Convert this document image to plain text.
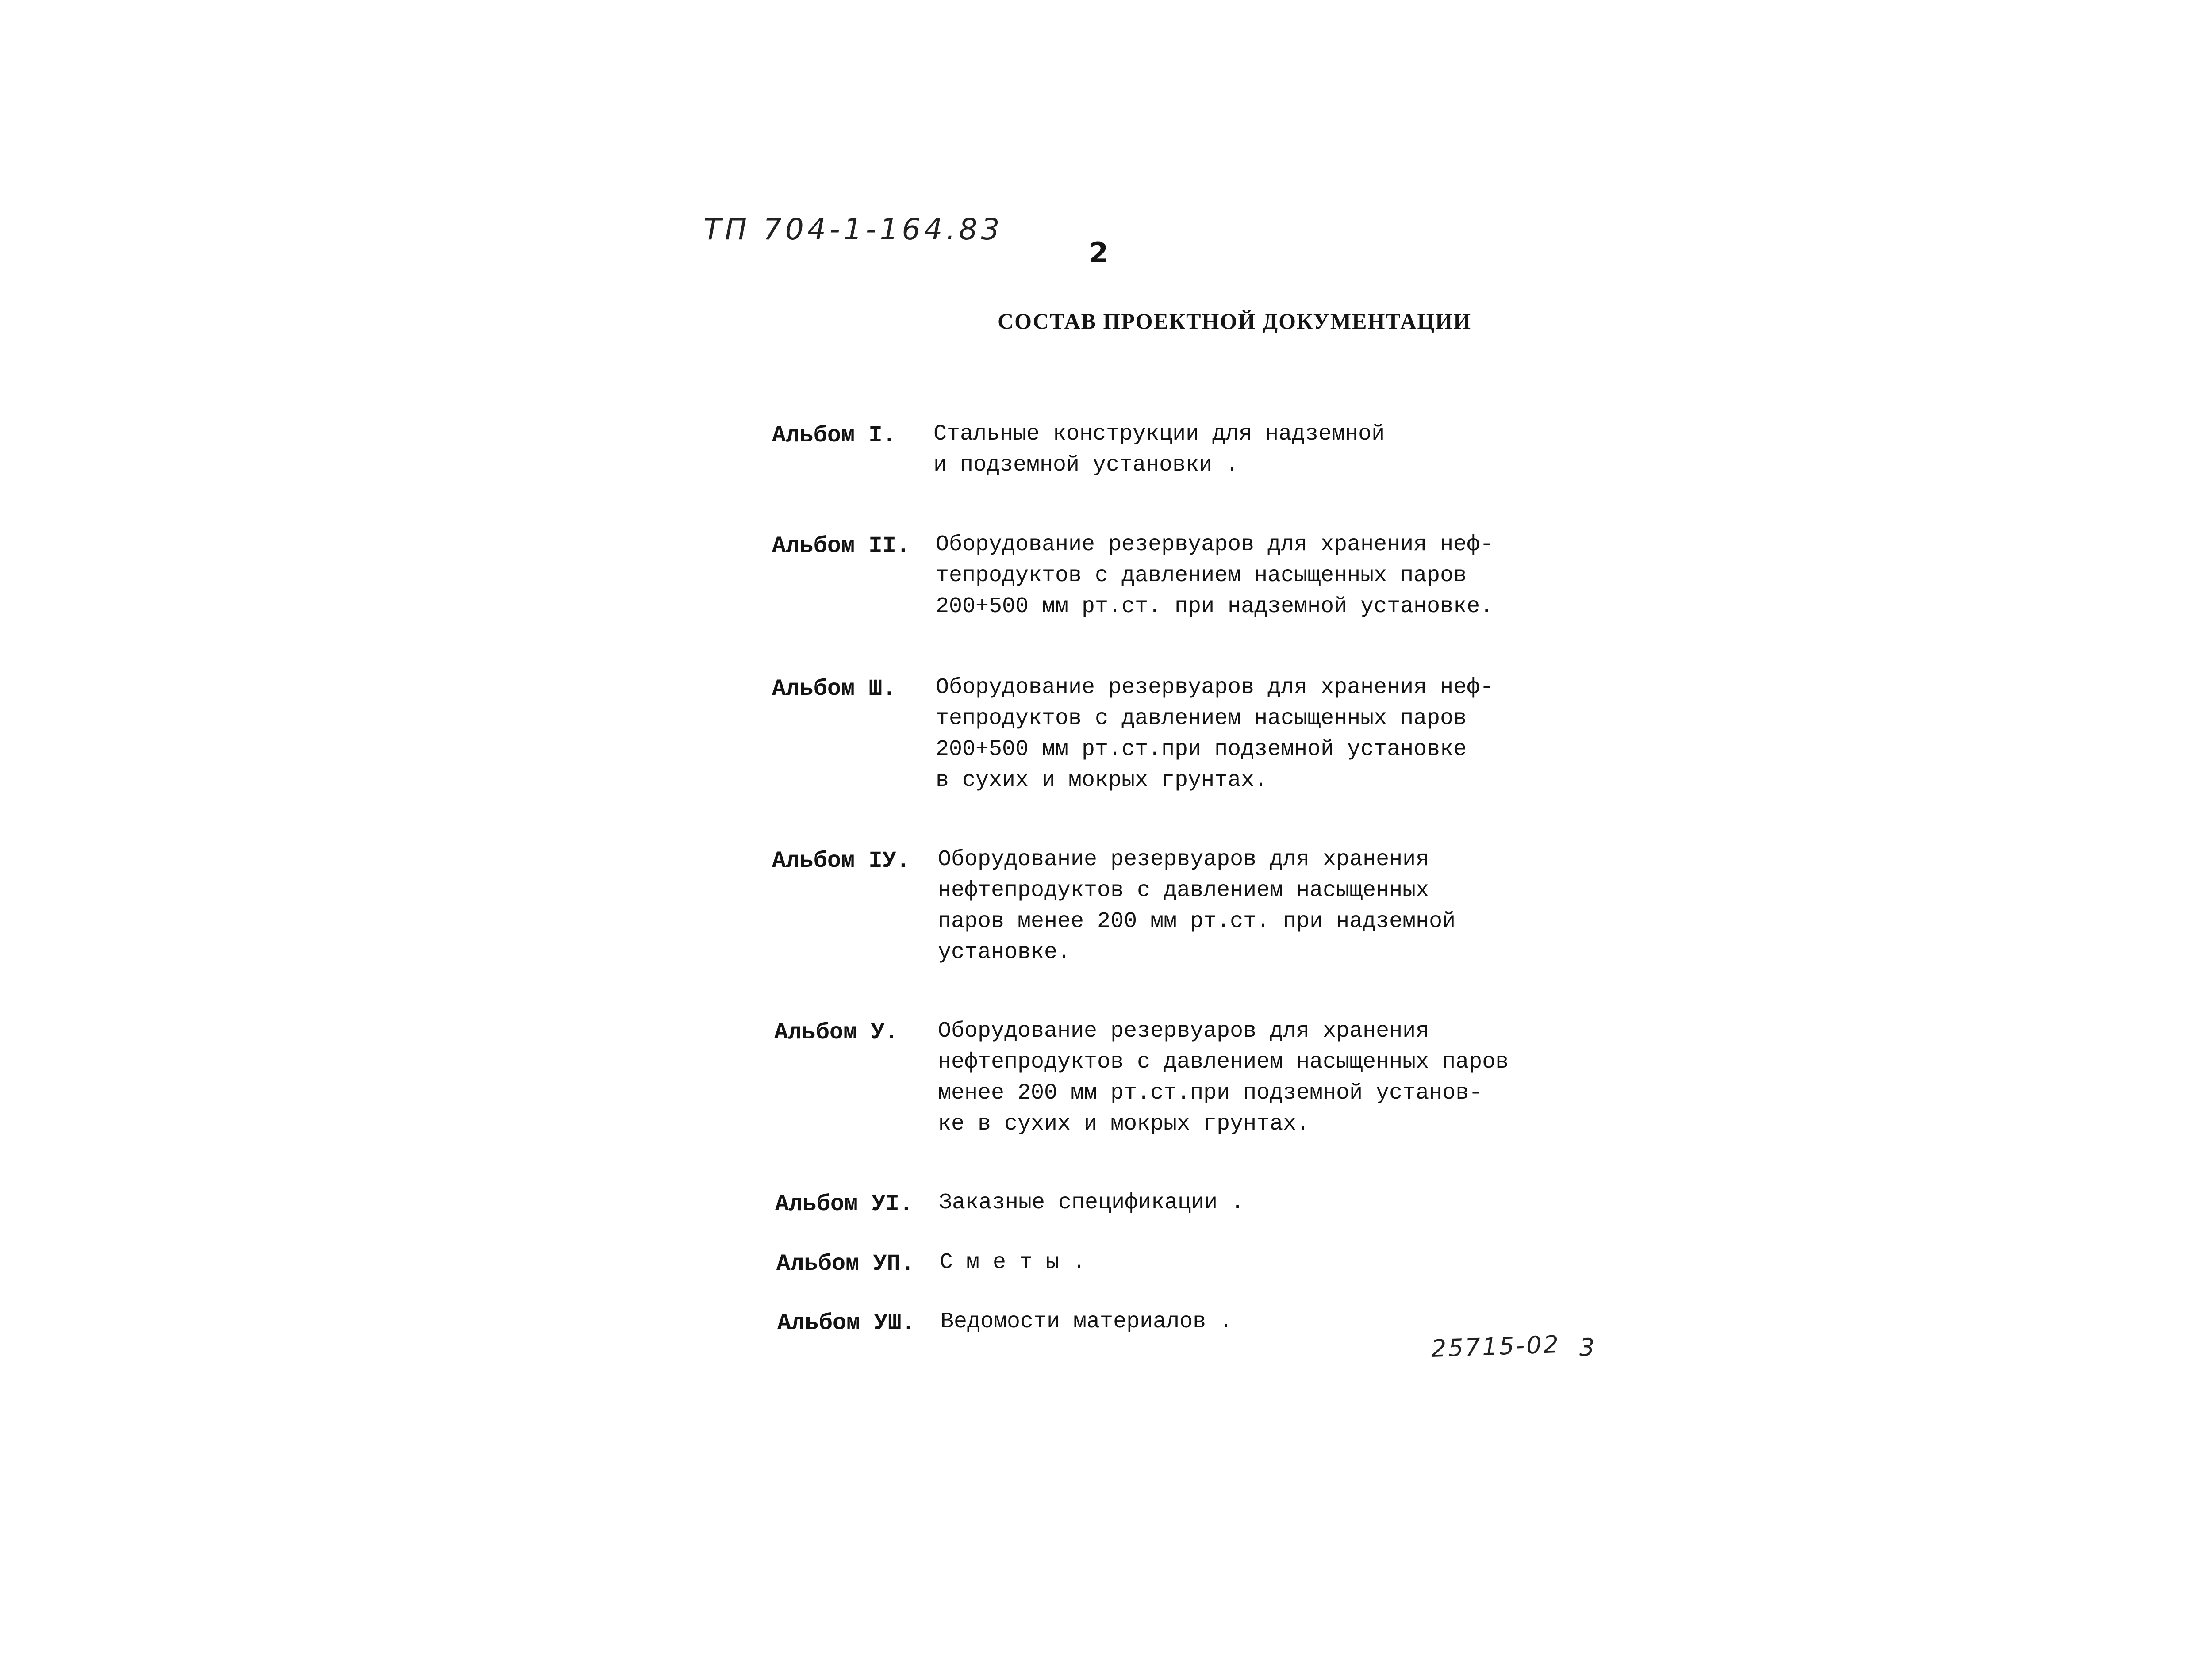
ТП 704-1-164.83
2
СОСТАВ ПРОЕКТНОЙ ДОКУМЕНТАЦИИ
Альбом I. Стальные конструкции для надземной
и подземной установки .
Альбом II. Оборудование резервуаров для хранения неф-
тепродуктов с давлением насыщенных паров
200+500 мм рт.ст. при надземной установке.
Альбом Ш. Оборудование резервуаров для хранения неф-
тепродуктов с давлением насыщенных паров
200+500 мм рт.ст.при подземной установке
в сухих и мокрых грунтах.
Альбом IУ. Оборудование резервуаров для хранения
нефтепродуктов с давлением насыщенных
паров менее 200 мм рт.ст. при надземной
установке.
Альбом У. Оборудование резервуаров для хранения
нефтепродуктов с давлением насыщенных паров
менее 200 мм рт.ст.при подземной установ-
ке в сухих и мокрых грунтах.
Альбом УI. Заказные спецификации .
Альбом УП. С м е т ы .
Альбом УШ. Ведомости материалов .
25715-02 3
